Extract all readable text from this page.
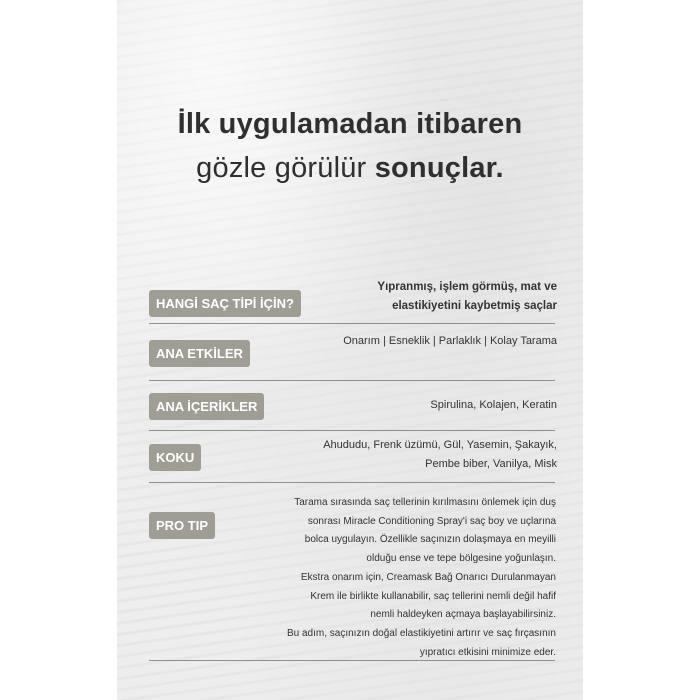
İlk uygulamadan itibaren
gözle görülür sonuçlar.
HANGİ SAÇ TİPİ İÇİN?
Yıpranmış, işlem görmüş, mat ve
elastikiyetini kaybetmiş saçlar
ANA ETKİLER
Onarım | Esneklik | Parlaklık | Kolay Tarama
ANA İÇERİKLER	Spirulina, Kolajen, Keratin
KOKU
Ahududu, Frenk üzümü, Gül, Yasemin, Şakayık,
Pembe biber, Vanilya, Misk
PRO TIP
Tarama sırasında saç tellerinin kırılmasını önlemek için duş
sonrası Miracle Conditioning Spray'i saç boy ve uçlarına
bolca uygulayın. Özellikle saçınızın dolaşmaya en meyilli
olduğu ense ve tepe bölgesine yoğunlaşın.
Ekstra onarım için, Creamask Bağ Onarıcı Durulanmayan
Krem ile birlikte kullanabilir, saç tellerini nemli değil hafif
nemli haldeyken açmaya başlayabilirsiniz.
Bu adım, saçınızın doğal elastikiyetini artırır ve saç fırçasının
yıpratıcı etkisini minimize eder.
